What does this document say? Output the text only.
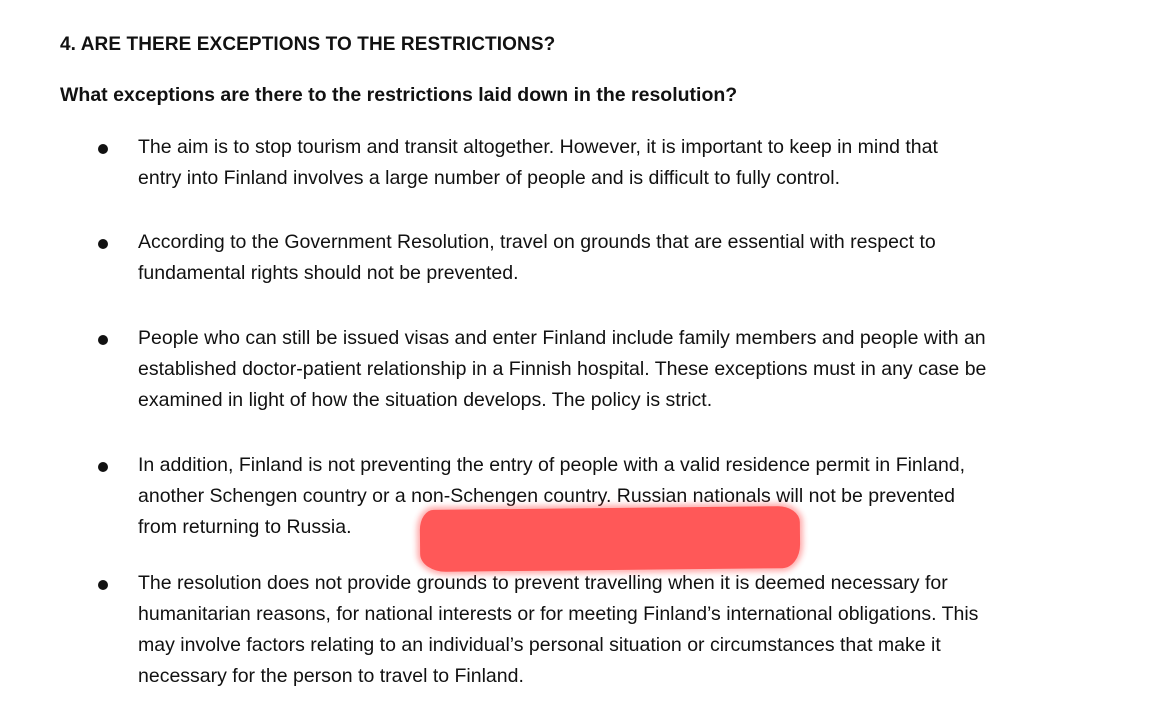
4. ARE THERE EXCEPTIONS TO THE RESTRICTIONS?
What exceptions are there to the restrictions laid down in the resolution?
The aim is to stop tourism and transit altogether. However, it is important to keep in mind that
entry into Finland involves a large number of people and is difficult to fully control.
According to the Government Resolution, travel on grounds that are essential with respect to
fundamental rights should not be prevented.
People who can still be issued visas and enter Finland include family members and people with an
established doctor-patient relationship in a Finnish hospital. These exceptions must in any case be
examined in light of how the situation develops. The policy is strict.
In addition, Finland is not preventing the entry of people with a valid residence permit in Finland,
another Schengen country or a non-Schengen country. Russian nationals will not be prevented
from returning to Russia.
The resolution does not provide grounds to prevent travelling when it is deemed necessary for
humanitarian reasons, for national interests or for meeting Finland’s international obligations. This
may involve factors relating to an individual’s personal situation or circumstances that make it
necessary for the person to travel to Finland.
